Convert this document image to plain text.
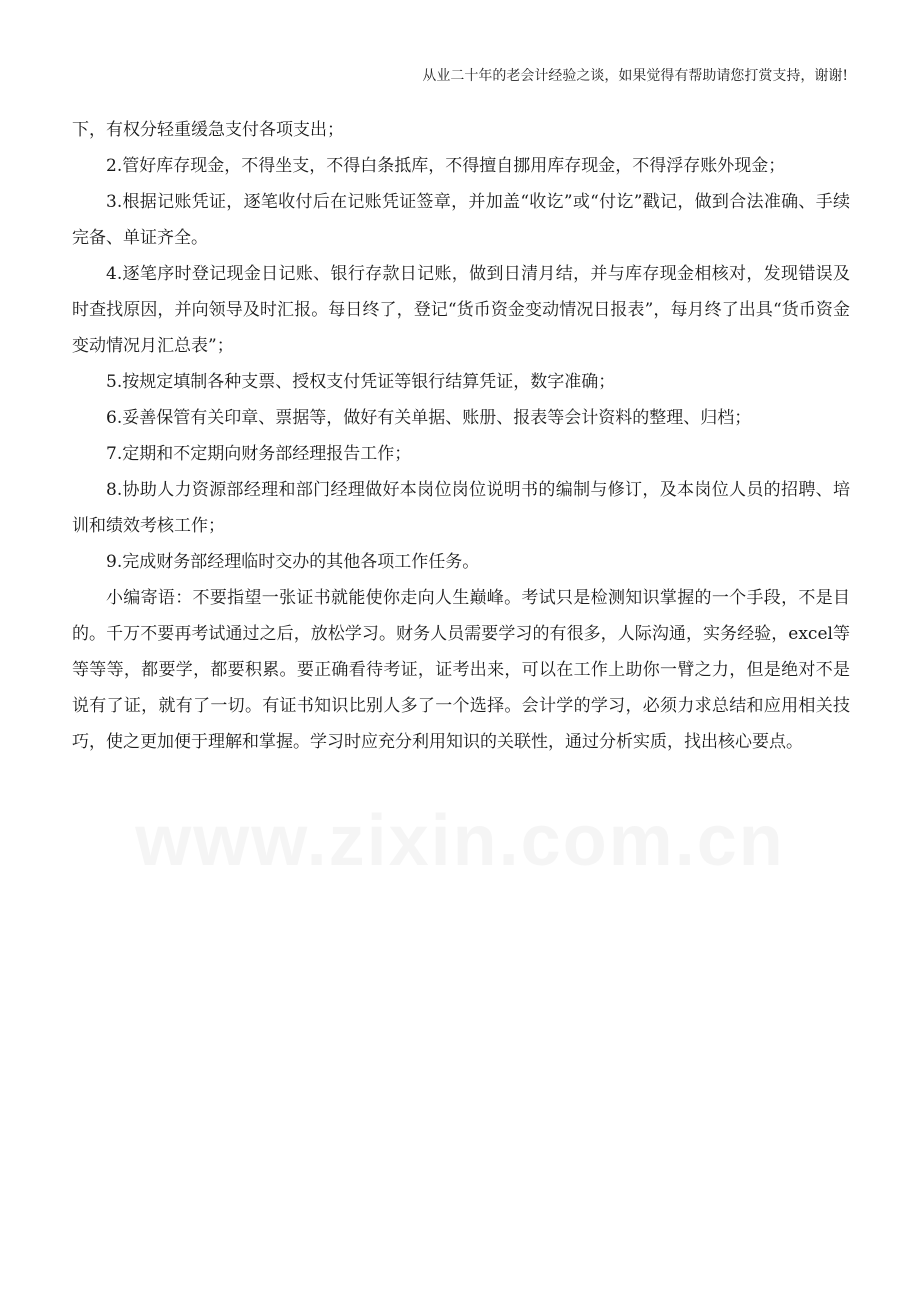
从业二十年的老会计经验之谈，如果觉得有帮助请您打赏支持，谢谢!

下，有权分轻重缓急支付各项支出；

2.管好库存现金，不得坐支，不得白条抵库，不得擅自挪用库存现金，不得浮存账外现金；

3.根据记账凭证，逐笔收付后在记账凭证签章，并加盖“收讫”或“付讫”戳记，做到合法准确、手续完备、单证齐全。

4.逐笔序时登记现金日记账、银行存款日记账，做到日清月结，并与库存现金相核对，发现错误及时查找原因，并向领导及时汇报。每日终了，登记“货币资金变动情况日报表”，每月终了出具“货币资金变动情况月汇总表”；

5.按规定填制各种支票、授权支付凭证等银行结算凭证，数字准确；

6.妥善保管有关印章、票据等，做好有关单据、账册、报表等会计资料的整理、归档；

7.定期和不定期向财务部经理报告工作；

8.协助人力资源部经理和部门经理做好本岗位岗位说明书的编制与修订，及本岗位人员的招聘、培训和绩效考核工作；

9.完成财务部经理临时交办的其他各项工作任务。

小编寄语：不要指望一张证书就能使你走向人生巅峰。考试只是检测知识掌握的一个手段，不是目的。千万不要再考试通过之后，放松学习。财务人员需要学习的有很多，人际沟通，实务经验，excel等等等等，都要学，都要积累。要正确看待考证，证考出来，可以在工作上助你一臂之力，但是绝对不是说有了证，就有了一切。有证书知识比别人多了一个选择。会计学的学习，必须力求总结和应用相关技巧，使之更加便于理解和掌握。学习时应充分利用知识的关联性，通过分析实质，找出核心要点。

www.zixin.com.cn
